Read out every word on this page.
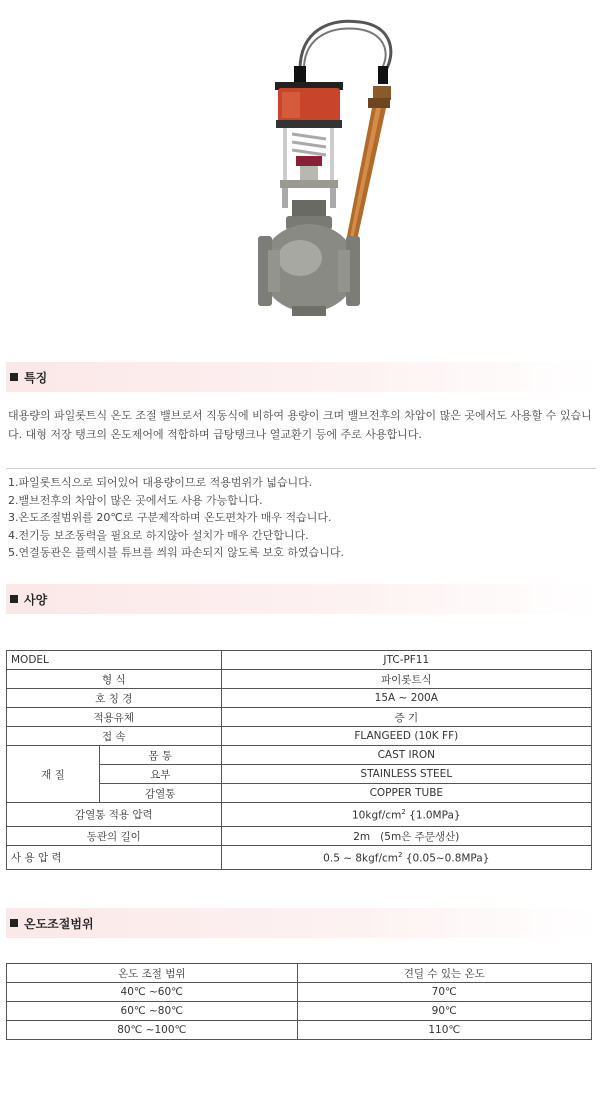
특징
대용량의 파일롯트식 온도 조절 밸브로서 직동식에 비하여 용량이 크며 밸브전후의 차압이 많은 곳에서도 사용할 수 있습니다. 대형 저장 탱크의 온도제어에 적합하며 급탕탱크나 열교환기 등에 주로 사용합니다.
1.파일롯트식으로 되어있어 대용량이므로 적용범위가 넓습니다.
2.밸브전후의 차압이 많은 곳에서도 사용 가능합니다.
3.온도조절범위를 20℃로 구분제작하며 온도편차가 매우 적습니다.
4.전기등 보조동력을 필요로 하지않아 설치가 매우 간단합니다.
5.연결동관은 플렉시블 튜브를 씌워 파손되지 않도록 보호 하였습니다.
사양
MODEL		JTC-PF11
형 식		파이롯트식
호 칭 경		15A ~ 200A
적용유체		증 기
접 속		FLANGEED (10K FF)
재 질	몸 통	CAST IRON
	요부	STAINLESS STEEL
	감열통	COPPER TUBE
감열통 적용 압력		$10kgf/cm^2$ {1.0MPa}
동관의 길이		2m   (5m은 주문생산)
사 용 압 력		0.5 ~ $8kgf/cm^2$ {0.05~0.8MPa}
온도조절범위
온도 조절 범위	견딜 수 있는 온도
40℃ ~60℃	70℃
60℃ ~80℃	90℃
80℃ ~100℃	110℃
